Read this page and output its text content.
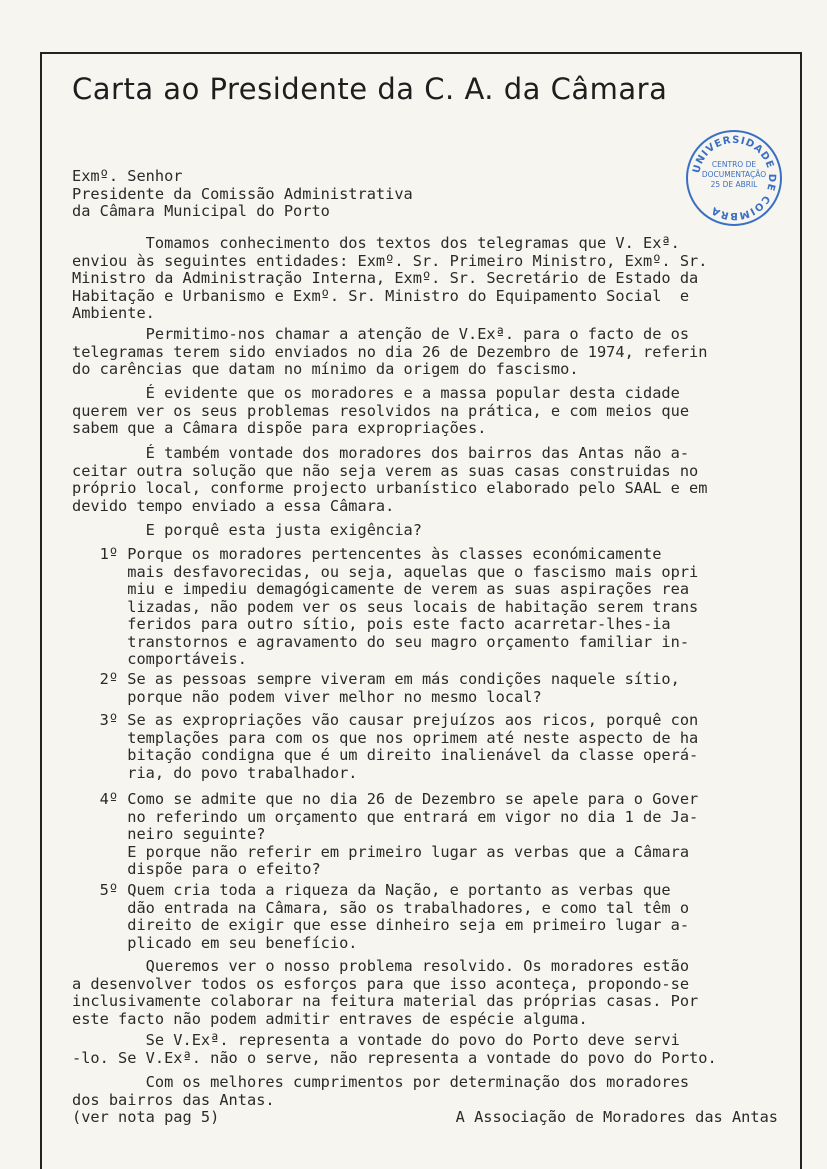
Carta ao Presidente da C. A. da Câmara
UNIVERSIDADE DE COIMBRA
CENTRO DE
DOCUMENTAÇÃO
25 DE ABRIL
Exmº. Senhor
Presidente da Comissão Administrativa
da Câmara Municipal do Porto
Tomamos conhecimento dos textos dos telegramas que V. Exª.
enviou às seguintes entidades: Exmº. Sr. Primeiro Ministro, Exmº. Sr.
Ministro da Administração Interna, Exmº. Sr. Secretário de Estado da
Habitação e Urbanismo e Exmº. Sr. Ministro do Equipamento Social  e
Ambiente.
Permitimo-nos chamar a atenção de V.Exª. para o facto de os
telegramas terem sido enviados no dia 26 de Dezembro de 1974, referin
do carências que datam no mínimo da origem do fascismo.
É evidente que os moradores e a massa popular desta cidade
querem ver os seus problemas resolvidos na prática, e com meios que
sabem que a Câmara dispõe para expropriações.
É também vontade dos moradores dos bairros das Antas não a-
ceitar outra solução que não seja verem as suas casas construidas no
próprio local, conforme projecto urbanístico elaborado pelo SAAL e em
devido tempo enviado a essa Câmara.
E porquê esta justa exigência?
1º Porque os moradores pertencentes às classes económicamente
mais desfavorecidas, ou seja, aquelas que o fascismo mais opri
miu e impediu demagógicamente de verem as suas aspirações rea
lizadas, não podem ver os seus locais de habitação serem trans
feridos para outro sítio, pois este facto acarretar-lhes-ia
transtornos e agravamento do seu magro orçamento familiar in-
comportáveis.
2º Se as pessoas sempre viveram em más condições naquele sítio,
porque não podem viver melhor no mesmo local?
3º Se as expropriações vão causar prejuízos aos ricos, porquê con
templações para com os que nos oprimem até neste aspecto de ha
bitação condigna que é um direito inalienável da classe operá-
ria, do povo trabalhador.
4º Como se admite que no dia 26 de Dezembro se apele para o Gover
no referindo um orçamento que entrará em vigor no dia 1 de Ja-
neiro seguinte?
E porque não referir em primeiro lugar as verbas que a Câmara
dispõe para o efeito?
5º Quem cria toda a riqueza da Nação, e portanto as verbas que
dão entrada na Câmara, são os trabalhadores, e como tal têm o
direito de exigir que esse dinheiro seja em primeiro lugar a-
plicado em seu benefício.
Queremos ver o nosso problema resolvido. Os moradores estão
a desenvolver todos os esforços para que isso aconteça, propondo-se
inclusivamente colaborar na feitura material das próprias casas. Por
este facto não podem admitir entraves de espécie alguma.
Se V.Exª. representa a vontade do povo do Porto deve servi
-lo. Se V.Exª. não o serve, não representa a vontade do povo do Porto.
Com os melhores cumprimentos por determinação dos moradores
dos bairros das Antas.
(ver nota pag 5)	A Associação de Moradores das Antas
